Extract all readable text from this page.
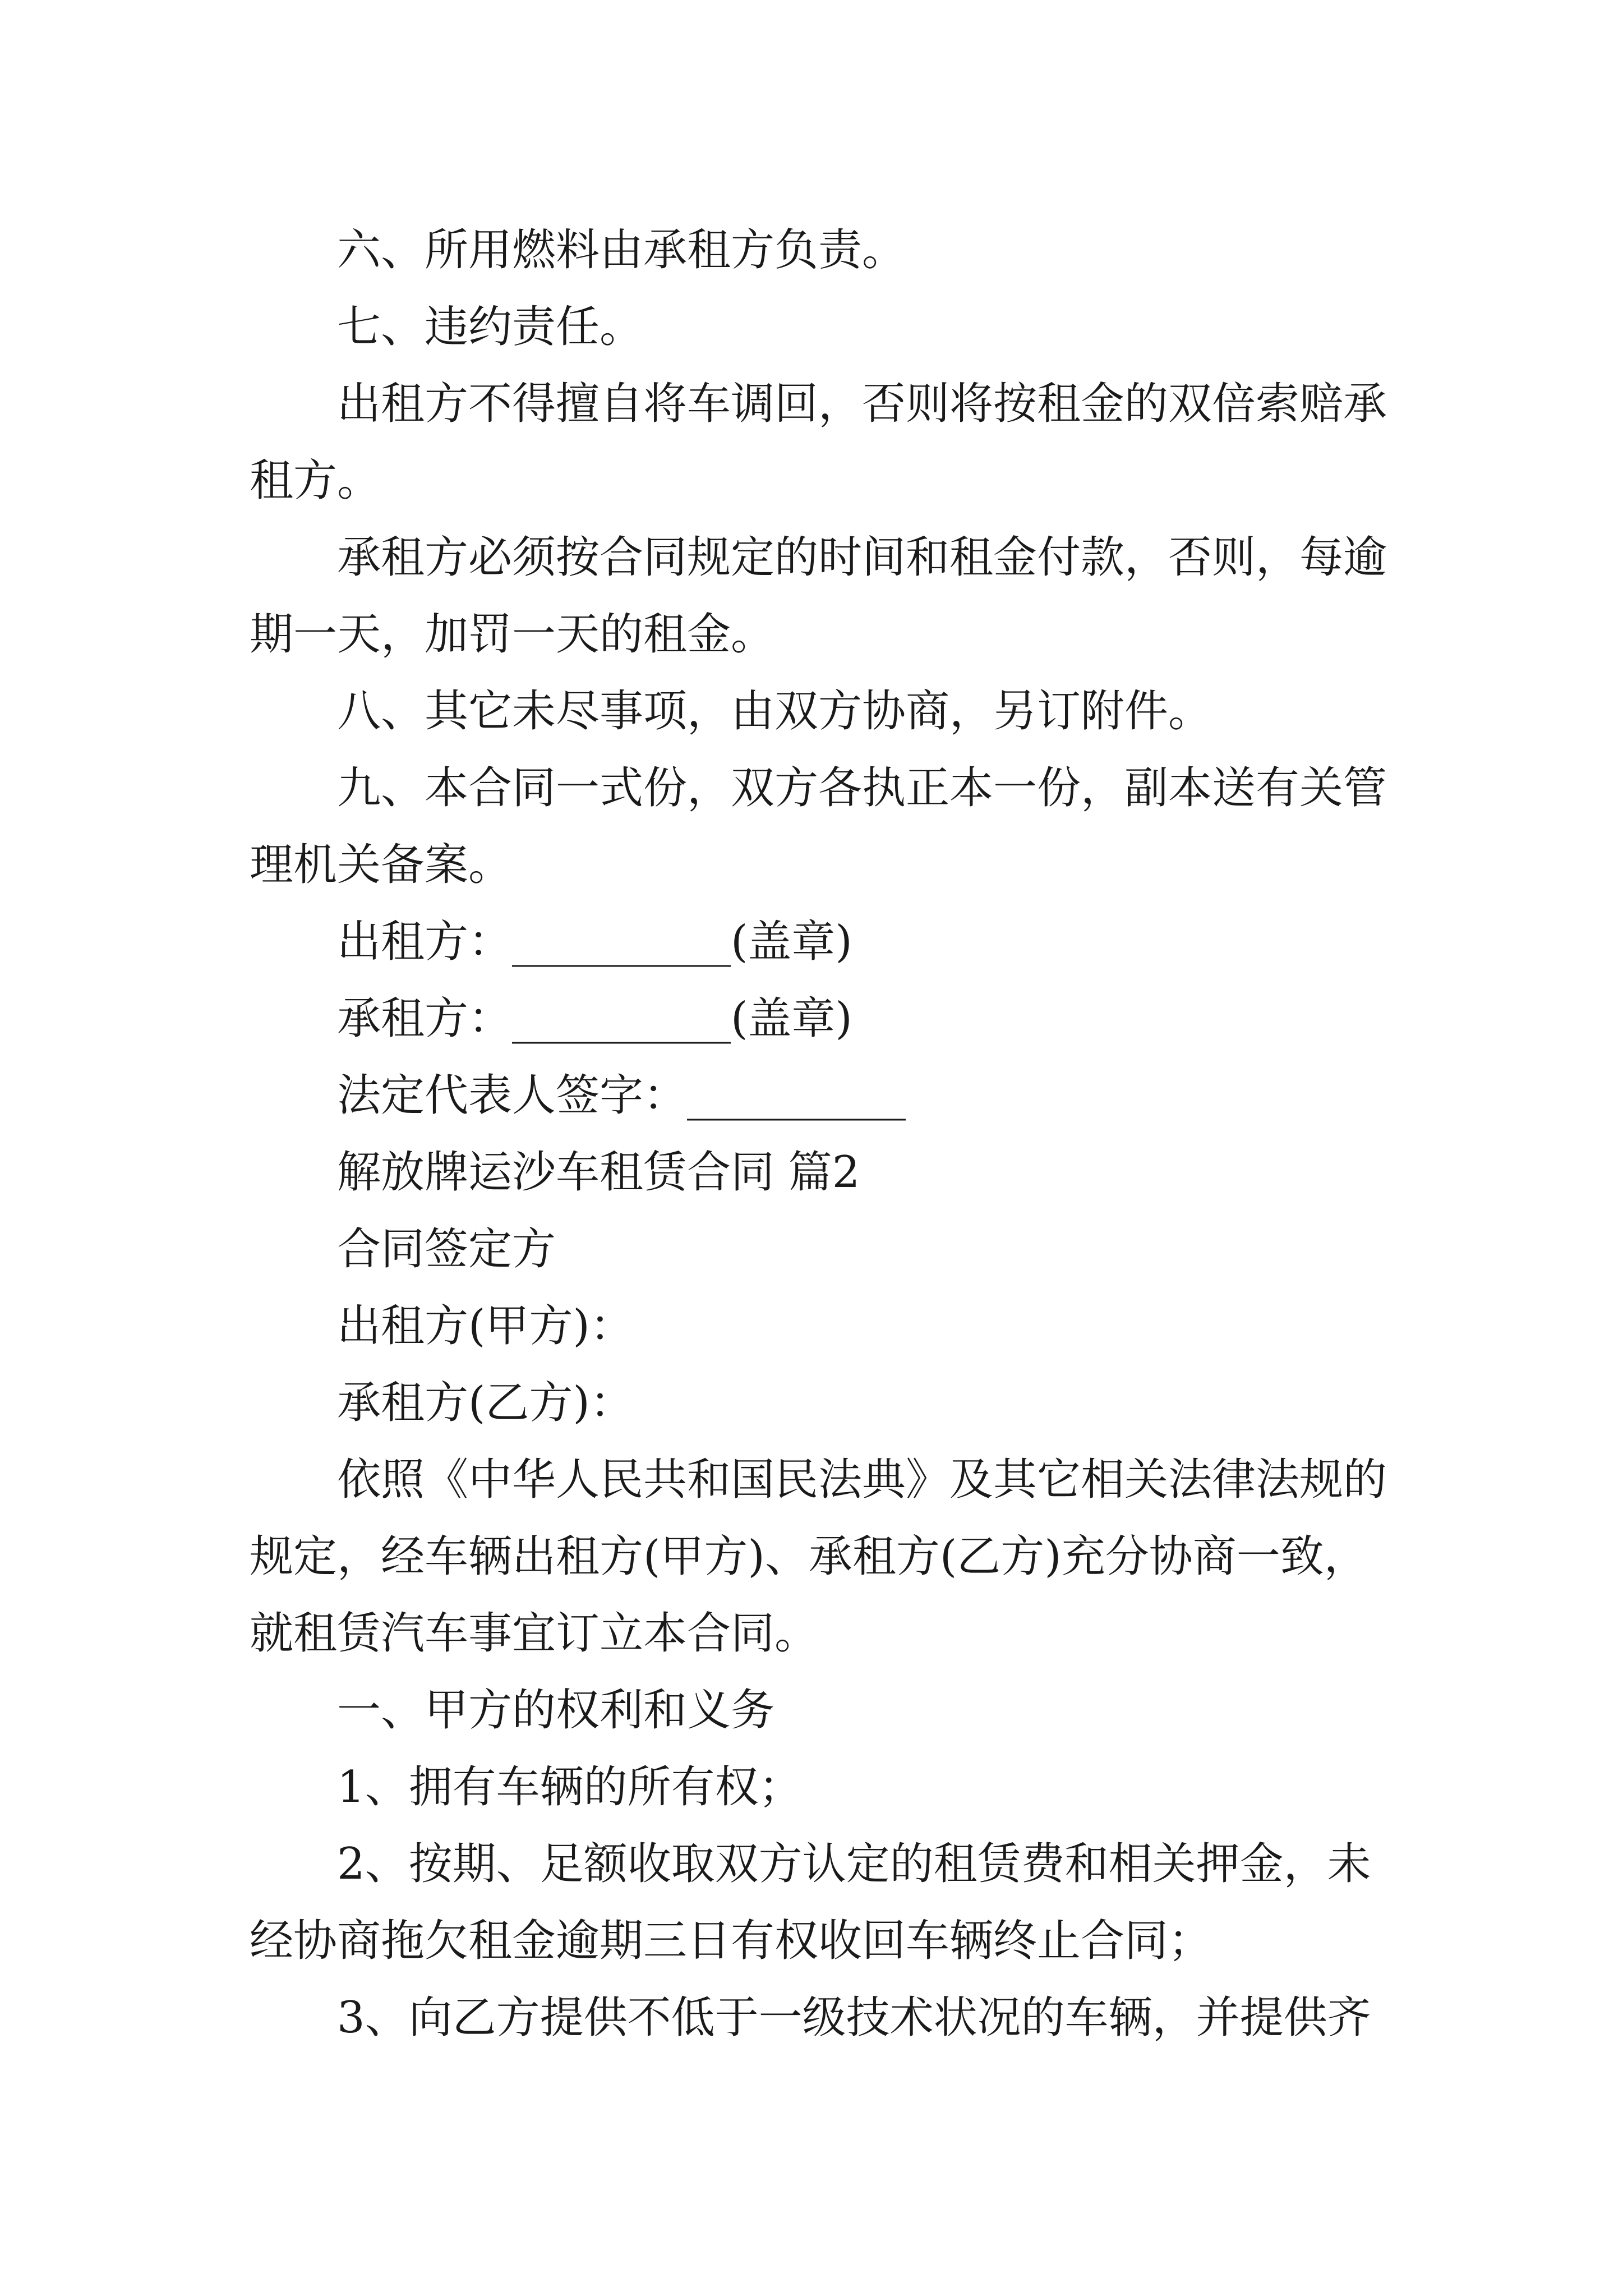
六、所用燃料由承租方负责。
七、违约责任。
出租方不得擅自将车调回，否则将按租金的双倍索赔承
租方。
承租方必须按合同规定的时间和租金付款，否则，每逾
期一天，加罚一天的租金。
八、其它未尽事项，由双方协商，另订附件。
九、本合同一式份，双方各执正本一份，副本送有关管
理机关备案。
出租方：__________(盖章)
承租方：__________(盖章)
法定代表人签字：__________
解放牌运沙车租赁合同 篇2
合同签定方
出租方(甲方)：
承租方(乙方)：
依照《中华人民共和国民法典》及其它相关法律法规的
规定，经车辆出租方(甲方)、承租方(乙方)充分协商一致，
就租赁汽车事宜订立本合同。
一、甲方的权利和义务
1、拥有车辆的所有权；
2、按期、足额收取双方认定的租赁费和相关押金，未
经协商拖欠租金逾期三日有权收回车辆终止合同；
3、向乙方提供不低于一级技术状况的车辆，并提供齐
